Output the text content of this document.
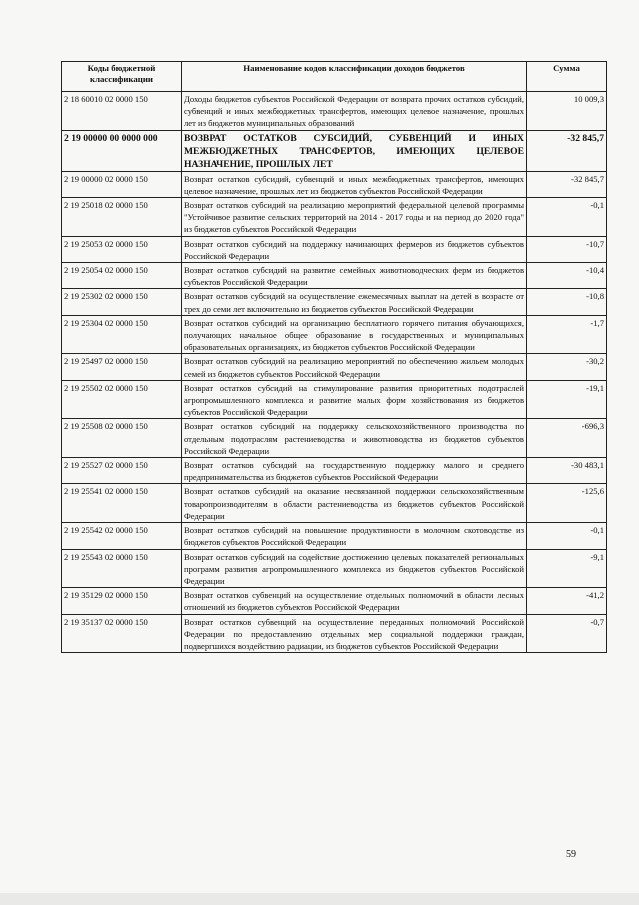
Коды бюджетной классификации	Наименование кодов классификации доходов бюджетов	Сумма
2 18 60010 02 0000 150	Доходы бюджетов субъектов Российской Федерации от возврата прочих остатков субсидий, субвенций и иных межбюджетных трансфертов, имеющих целевое назначение, прошлых лет из бюджетов муниципальных образований	10 009,3
2 19 00000 00 0000 000	ВОЗВРАТ ОСТАТКОВ СУБСИДИЙ, СУБВЕНЦИЙ И ИНЫХ МЕЖБЮДЖЕТНЫХ ТРАНСФЕРТОВ, ИМЕЮЩИХ ЦЕЛЕВОЕ НАЗНАЧЕНИЕ, ПРОШЛЫХ ЛЕТ	-32 845,7
2 19 00000 02 0000 150	Возврат остатков субсидий, субвенций и иных межбюджетных трансфертов, имеющих целевое назначение, прошлых лет из бюджетов субъектов Российской Федерации	-32 845,7
2 19 25018 02 0000 150	Возврат остатков субсидий на реализацию мероприятий федеральной целевой программы "Устойчивое развитие сельских территорий на 2014 - 2017 годы и на период до 2020 года" из бюджетов субъектов Российской Федерации	-0,1
2 19 25053 02 0000 150	Возврат остатков субсидий на поддержку начинающих фермеров из бюджетов субъектов Российской Федерации	-10,7
2 19 25054 02 0000 150	Возврат остатков субсидий на развитие семейных животноводческих ферм из бюджетов субъектов Российской Федерации	-10,4
2 19 25302 02 0000 150	Возврат остатков субсидий на осуществление ежемесячных выплат на детей в возрасте от трех до семи лет включительно из бюджетов субъектов Российской Федерации	-10,8
2 19 25304 02 0000 150	Возврат остатков субсидий на организацию бесплатного горячего питания обучающихся, получающих начальное общее образование в государственных и муниципальных образовательных организациях, из бюджетов субъектов Российской Федерации	-1,7
2 19 25497 02 0000 150	Возврат остатков субсидий на реализацию мероприятий по обеспечению жильем молодых семей из бюджетов субъектов Российской Федерации	-30,2
2 19 25502 02 0000 150	Возврат остатков субсидий на стимулирование развития приоритетных подотраслей агропромышленного комплекса и развитие малых форм хозяйствования из бюджетов субъектов Российской Федерации	-19,1
2 19 25508 02 0000 150	Возврат остатков субсидий на поддержку сельскохозяйственного производства по отдельным подотраслям растениеводства и животноводства из бюджетов субъектов Российской Федерации	-696,3
2 19 25527 02 0000 150	Возврат остатков субсидий на государственную поддержку малого и среднего предпринимательства из бюджетов субъектов Российской Федерации	-30 483,1
2 19 25541 02 0000 150	Возврат остатков субсидий на оказание несвязанной поддержки сельскохозяйственным товаропроизводителям в области растениеводства из бюджетов субъектов Российской Федерации	-125,6
2 19 25542 02 0000 150	Возврат остатков субсидий на повышение продуктивности в молочном скотоводстве из бюджетов субъектов Российской Федерации	-0,1
2 19 25543 02 0000 150	Возврат остатков субсидий на содействие достижению целевых показателей региональных программ развития агропромышленного комплекса из бюджетов субъектов Российской Федерации	-9,1
2 19 35129 02 0000 150	Возврат остатков субвенций на осуществление отдельных полномочий в области лесных отношений из бюджетов субъектов Российской Федерации	-41,2
2 19 35137 02 0000 150	Возврат остатков субвенций на осуществление переданных полномочий Российской Федерации по предоставлению отдельных мер социальной поддержки граждан, подвергшихся воздействию радиации, из бюджетов субъектов Российской Федерации	-0,7
59
